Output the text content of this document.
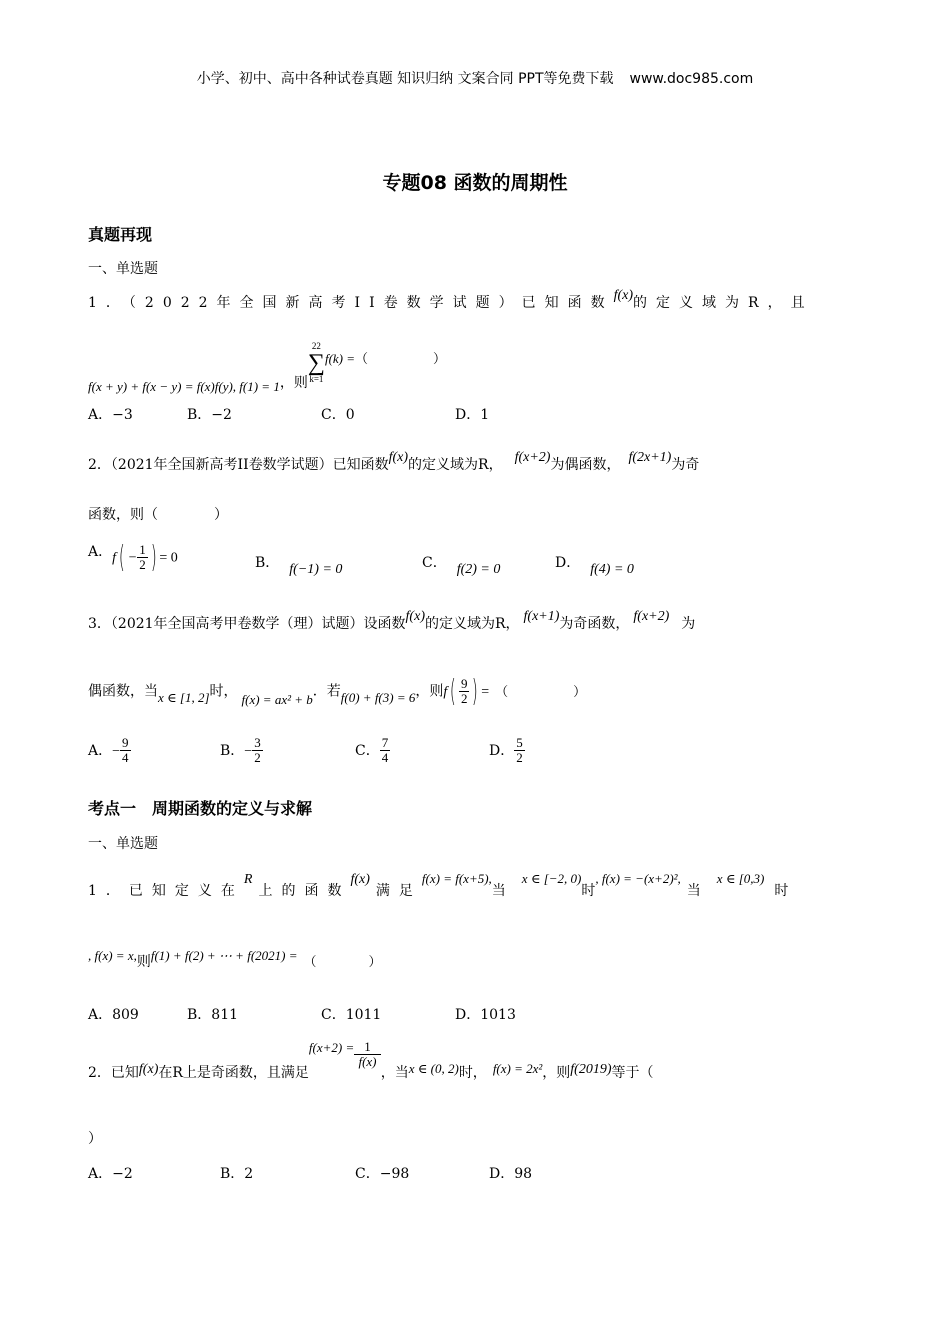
小学、初中、高中各种试卷真题 知识归纳 文案合同 PPT等免费下载 www.doc985.com
专题08 函数的周期性
真题再现
一、单选题
1．（2022年全国新高考II卷数学试题）已知函数f(x)的定义域为R，且
f(x + y) + f(x − y) = f(x)f(y), f(1) = 1，则
22
∑
k=1
f(k) =（　　　　　）
A．−3	B．−2	C．0	D．1
2．（2021年全国新高考II卷数学试题）已知函数f(x)的定义域为R， f(x+2)为偶函数， f(2x+1)为奇
函数，则（　　　　）
A．$f( - \frac{1}{2}$ ) = 0	B． f(−1) = 0	C． f(2) = 0	D． f(4) = 0
3．（2021年全国高考甲卷数学（理）试题）设函数f(x)的定义域为R， f(x+1)为奇函数， f(x+2) 为
偶函数，当x ∈ [1, 2]时， f(x) = ax² + b．若f(0) + f(3) = 6，则$f( \frac{9}{2}$ ) = （　　　　　）
A．− $\frac{9}{4}$	B．− $\frac{3}{2}$	C． $\frac{7}{4}$	D． $\frac{5}{2}$
考点一　周期函数的定义与求解
一、单选题
1．已知定义在R上的函数f(x)满足f(x) = f(x+5),当x ∈ [−2, 0)时, f(x) = −(x+2)²,当x ∈ [0,3)时
, f(x) = x,则f(1) + f(2) + ⋯ + f(2021) = （　　　　）
A．809	B．811	C．1011	D．1013
2．已知f(x)在R上是奇函数，且满足$f(x+2) = \frac{1}{f(x)}$
，当x ∈ (0, 2)时， f(x) = 2x²，则f(2019)等于（
）
A．−2	B．2	C．−98	D．98
